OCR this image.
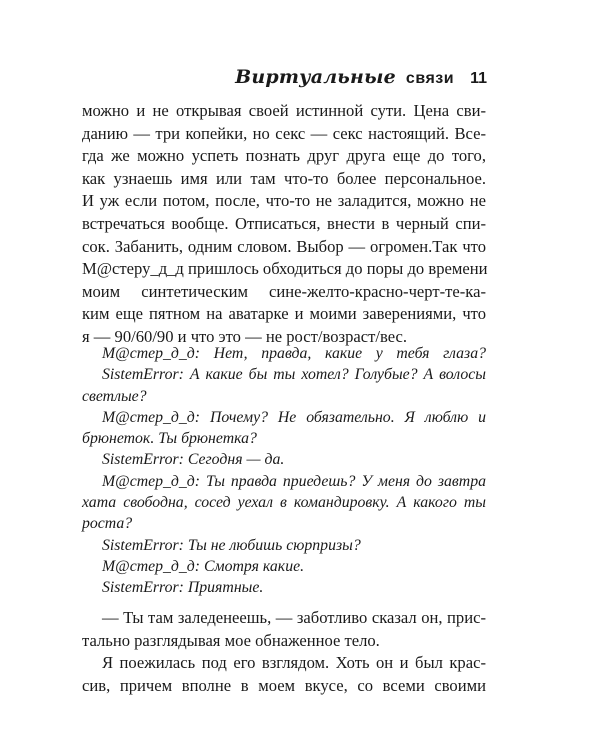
Виртуальные связи 11
можно и не открывая своей истинной сути. Цена сви-
данию — три копейки, но секс — секс настоящий. Все-
гда же можно успеть познать друг друга еще до того,
как узнаешь имя или там что-то более персональное.
И уж если потом, после, что-то не заладится, можно не
встречаться вообще. Отписаться, внести в черный спи-
сок. Забанить, одним словом. Выбор — огромен.Так что
М@стеру_д_д пришлось обходиться до поры до времени
моим синтетическим сине-желто-красно-черт-те-ка-
ким еще пятном на аватарке и моими заверениями, что
я — 90/60/90 и что это — не рост/возраст/вес.
М@стер_д_д: Нет, правда, какие у тебя глаза?
SistemError: А какие бы ты хотел? Голубые? А волосы
светлые?
М@стер_д_д: Почему? Не обязательно. Я люблю и
брюнеток. Ты брюнетка?
SistemError: Сегодня — да.
М@стер_д_д: Ты правда приедешь? У меня до завтра
хата свободна, сосед уехал в командировку. А какого ты
роста?
SistemError: Ты не любишь сюрпризы?
М@стер_д_д: Смотря какие.
SistemError: Приятные.
— Ты там заледенеешь, — заботливо сказал он, прис-
тально разглядывая мое обнаженное тело.
Я поежилась под его взглядом. Хоть он и был крас-
сив, причем вполне в моем вкусе, со всеми своими
